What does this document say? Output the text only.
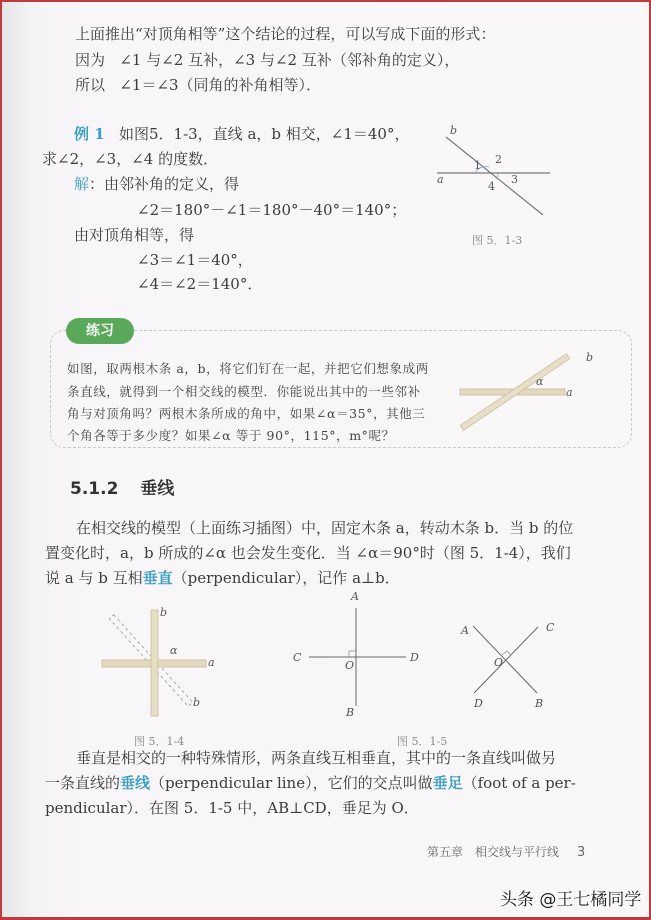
上面推出“对顶角相等”这个结论的过程，可以写成下面的形式：
因为 ∠1 与∠2 互补，∠3 与∠2 互补（邻补角的定义），
所以 ∠1＝∠3（同角的补角相等）．
例 1 如图5．1-3，直线 a，b 相交，∠1＝40°，
求∠2，∠3，∠4 的度数．
解：由邻补角的定义，得
∠2＝180°－∠1＝180°－40°＝140°；
由对顶角相等，得
∠3＝∠1＝40°，
∠4＝∠2＝140°．
b
a
1 2
3
4
图 5．1-3
练习
如图，取两根木条 a，b，将它们钉在一起，并把它们想象成两
条直线，就得到一个相交线的模型．你能说出其中的一些邻补
角与对顶角吗？两根木条所成的角中，如果∠α＝35°，其他三
个角各等于多少度？如果∠α 等于 90°，115°，m°呢？
b
a
α
5.1.2 垂线
在相交线的模型（上面练习插图）中，固定木条 a，转动木条 b．当 b 的位
置变化时，a，b 所成的∠α 也会发生变化．当 ∠α＝90°时（图 5．1-4），我们
说 a 与 b 互相垂直（perpendicular），记作 a⊥b．
b
α
a
b
图 5．1-4
A
C
O
D
B
图 5．1-5
A	C
O
D	B
垂直是相交的一种特殊情形，两条直线互相垂直，其中的一条直线叫做另
一条直线的垂线（perpendicular line），它们的交点叫做垂足（foot of a per-
pendicular）．在图 5．1-5 中，AB⊥CD，垂足为 O．
第五章　相交线与平行线 3
头条 @王七橘同学
